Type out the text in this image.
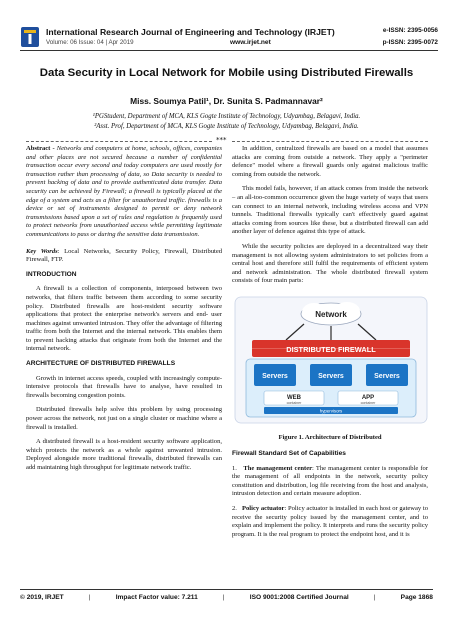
International Research Journal of Engineering and Technology (IRJET)	e-ISSN: 2395-0056
Volume: 06 Issue: 04 | Apr 2019	www.irjet.net	p-ISSN: 2395-0072
Data Security in Local Network for Mobile using Distributed Firewalls
Miss. Soumya Patil¹, Dr. Sunita S. Padmannavar²
¹PGStudent, Department of MCA, KLS Gogte Institute of Technology, Udyambag, Belagavi, India.
²Asst. Prof, Department of MCA, KLS Gogte Institute of Technology, Udyambag, Belagavi, India.
***

Abstract - Networks and computers at home, schools, offices, companies and other places are not secured because a number of confidential transaction occur every second and today computers are used mostly for transaction rather than processing of data, so Data security is needed to prevent hacking of data and to provide authenticated data transfer. Data security can be achieved by Firewall; a firewall is typically placed at the edge of a system and acts as a filter for unauthorized traffic. firewalls is a device or set of instruments designed to permit or deny network transmissions based upon a set of rules and regulation is frequently used to protect networks from unauthorized access while permitting legitimate communications to pass or during the sensitive data transmission.

Key Words: Local Networks, Security Policy, Firewall, Distributed Firewall, FTP.

INTRODUCTION

A firewall is a collection of components, interposed between two networks, that filters traffic between them according to some security policy. Distributed firewalls are host-resident security software applications that protect the enterprise network's servers and end- user machines against unwanted intrusion. They offer the advantage of filtering traffic from both the Internet and the internal network. This enables them to prevent hacking attacks that originate from both the Internet and the internal network.

ARCHITECTURE OF DISTRIBUTED FIREWALLS

Growth in internet access speeds, coupled with increasingly compute-intensive protocols that firewalls have to analyse, have resulted in firewalls becoming congestion points.

Distributed firewalls help solve this problem by using processing power across the network, not just on a single cluster or machine where a firewall is installed.

A distributed firewall is a host-resident security software application, which protects the network as a whole against unwanted intrusion. Deployed alongside more traditional firewalls, distributed firewalls can add maintaining high throughput for legitimate network traffic.

In addition, centralized firewalls are based on a model that assumes attacks are coming from outside a network. They apply a "perimeter defence" model where a firewall guards only against malicious traffic coming from outside the network.

This model fails, however, if an attack comes from inside the network – an all-too-common occurrence given the huge variety of ways that users can connect to an internal network, including wireless access and VPN tunnels. Traditional firewalls typically can't effectively guard against attacks coming from sources like these, but a distributed firewall can add another layer of defence against this type of attack.

While the security policies are deployed in a decentralized way their management is not allowing system administrators to set policies from a central host and therefore still fulfil the requirements of efficient system and network administration. The whole distributed firewall system consists of four main parts:

Network
DISTRIBUTED FIREWALL
Servers	Servers	Servers
WEB
container
APP
container
hypervisors
Figure 1. Architecture of Distributed
Firewall Standard Set of Capabilities

1. The management center: The management center is responsible for the management of all endpoints in the network, security policy constitution and distribution, log file receiving from the host and analysis, intrusion detection and certain measure adoption.

2. Policy actuator: Policy actuator is installed in each host or gateway to receive the security policy issued by the management center, and to explain and implement the policy. It interprets and runs the security policy program. It is the real program to protect the endpoint host, and it is

© 2019, IRJET	|	Impact Factor value: 7.211	|	ISO 9001:2008 Certified Journal	|	Page 1868
